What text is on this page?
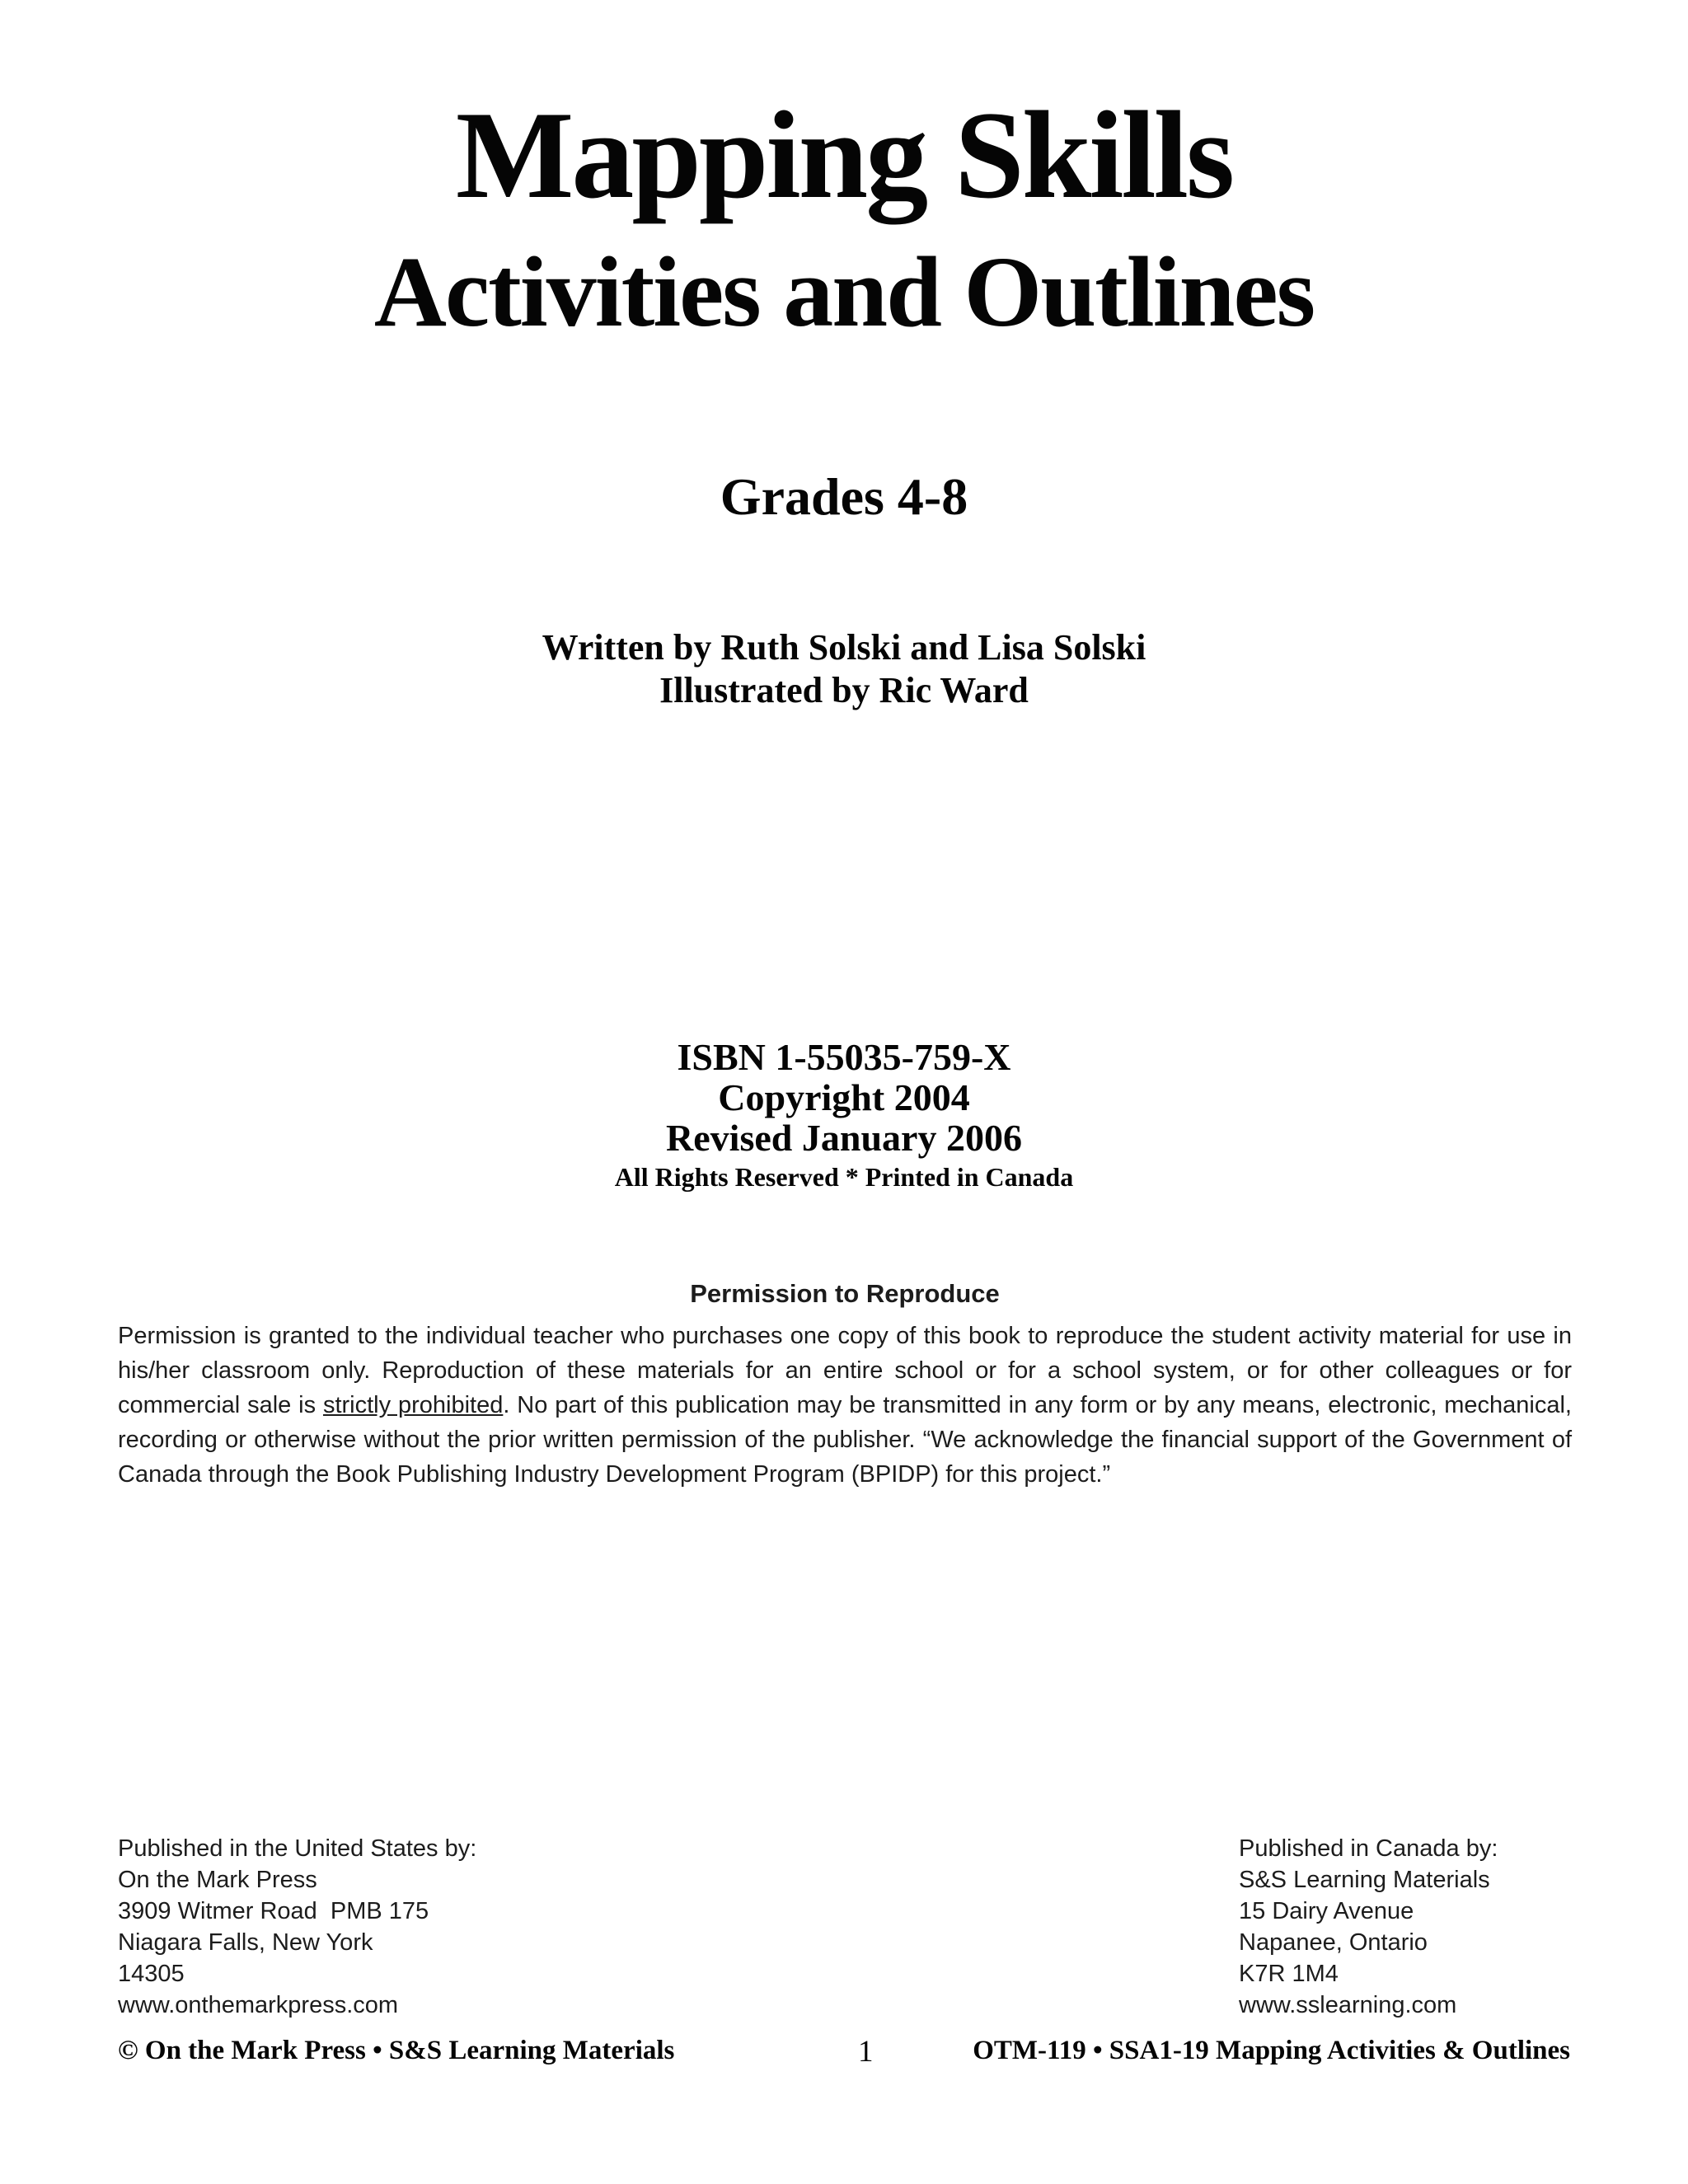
Mapping Skills
Activities and Outlines
Grades 4-8
Written by Ruth Solski and Lisa Solski
Illustrated by Ric Ward
ISBN 1-55035-759-X
Copyright 2004
Revised January 2006
All Rights Reserved * Printed in Canada
Permission to Reproduce

Permission is granted to the individual teacher who purchases one copy of this book to reproduce the student activity material for use in his/her classroom only. Reproduction of these materials for an entire school or for a school system, or for other colleagues or for commercial sale is strictly prohibited. No part of this publication may be transmitted in any form or by any means, electronic, mechanical, recording or otherwise without the prior written permission of the publisher. “We acknowledge the financial support of the Government of Canada through the Book Publishing Industry Development Program (BPIDP) for this project.”

Published in the United States by:
On the Mark Press
3909 Witmer Road  PMB 175
Niagara Falls, New York
14305
www.onthemarkpress.com
Published in Canada by:
S&S Learning Materials
15 Dairy Avenue
Napanee, Ontario
K7R 1M4
www.sslearning.com
© On the Mark Press • S&S Learning Materials	1	OTM-119 • SSA1-19 Mapping Activities & Outlines
